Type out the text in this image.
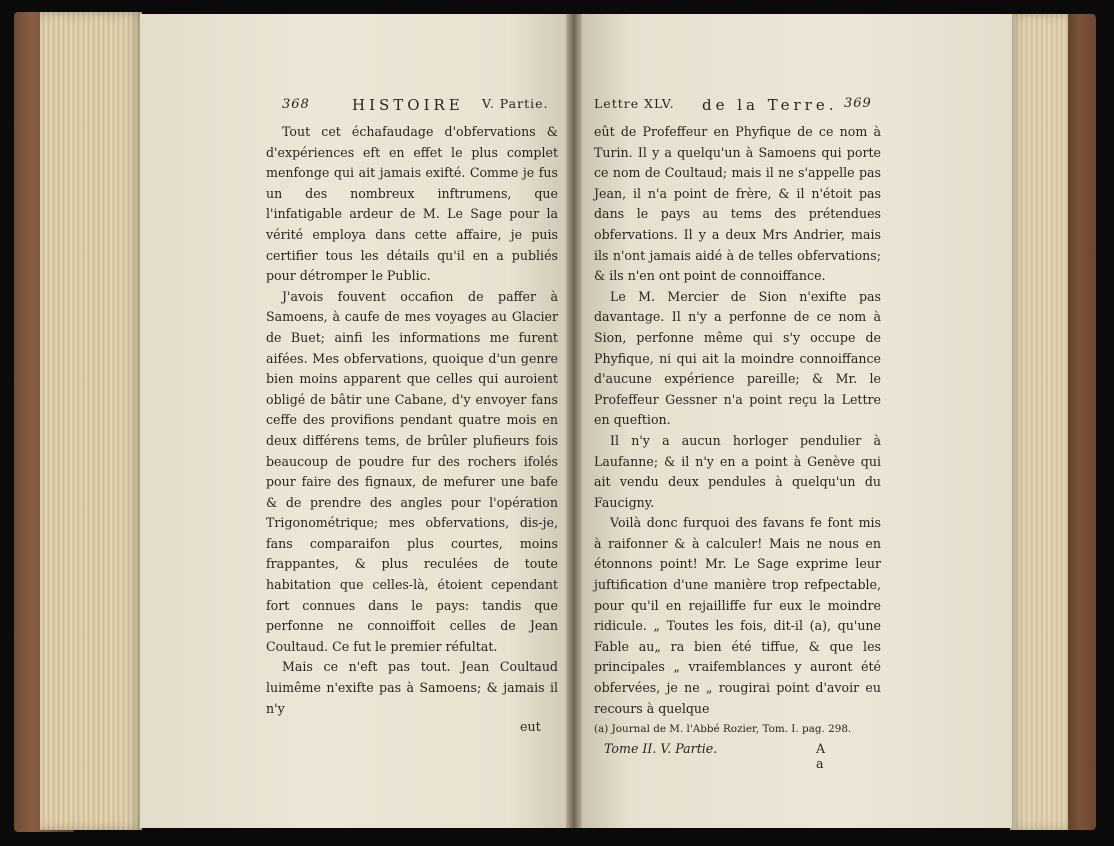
368	HISTOIRE V. Partie.	Lettre XLV. de la Terre. 369

Tout cet échafaudage d'obfervations & d'expériences eft en effet le plus complet menfonge qui ait jamais exifté. Comme je fus un des nombreux inftrumens, que l'infatigable ardeur de M. Le Sage pour la vérité employa dans cette affaire, je puis certifier tous les détails qu'il en a publiés pour détromper le Public.

J'avois fouvent occafion de paffer à Samoens, à caufe de mes voyages au Glacier de Buet; ainfi les informations me furent aifées. Mes obfervations, quoique d'un genre bien moins apparent que celles qui auroient obligé de bâtir une Cabane, d'y envoyer fans ceffe des provifions pendant quatre mois en deux différens tems, de brûler plufieurs fois beaucoup de poudre fur des rochers ifolés pour faire des fignaux, de mefurer une bafe & de prendre des angles pour l'opération Trigonométrique; mes obfervations, dis-je, fans comparaifon plus courtes, moins frappantes, & plus reculées de toute habitation que celles-là, étoient cependant fort connues dans le pays: tandis que perfonne ne connoiffoit celles de Jean Coultaud. Ce fut le premier réfultat.

Mais ce n'eft pas tout. Jean Coultaud luimême n'exifte pas à Samoens; & jamais il n'y

eut

eût de Profeffeur en Phyfique de ce nom à Turin. Il y a quelqu'un à Samoens qui porte ce nom de Coultaud; mais il ne s'appelle pas Jean, il n'a point de frère, & il n'étoit pas dans le pays au tems des prétendues obfervations. Il y a deux Mrs Andrier, mais ils n'ont jamais aidé à de telles obfervations; & ils n'en ont point de connoiffance.

Le M. Mercier de Sion n'exifte pas davantage. Il n'y a perfonne de ce nom à Sion, perfonne même qui s'y occupe de Phyfique, ni qui ait la moindre connoiffance d'aucune expérience pareille; & Mr. le Profeffeur Gessner n'a point reçu la Lettre en queftion.

Il n'y a aucun horloger pendulier à Laufanne; & il n'y en a point à Genève qui ait vendu deux pendules à quelqu'un du Faucigny.

Voilà donc furquoi des favans fe font mis à raifonner & à calculer! Mais ne nous en étonnons point! Mr. Le Sage exprime leur juftification d'une manière trop refpectable, pour qu'il en rejailliffe fur eux le moindre ridicule. „ Toutes les fois, dit-il (a), qu'une Fable au„ ra bien été tiffue, & que les principales „ vraifemblances y auront été obfervées, je ne „ rougirai point d'avoir eu recours à quelque

(a) Journal de M. l'Abbé Rozier, Tom. I. pag. 298.
Tome II. V. Partie.	A a
